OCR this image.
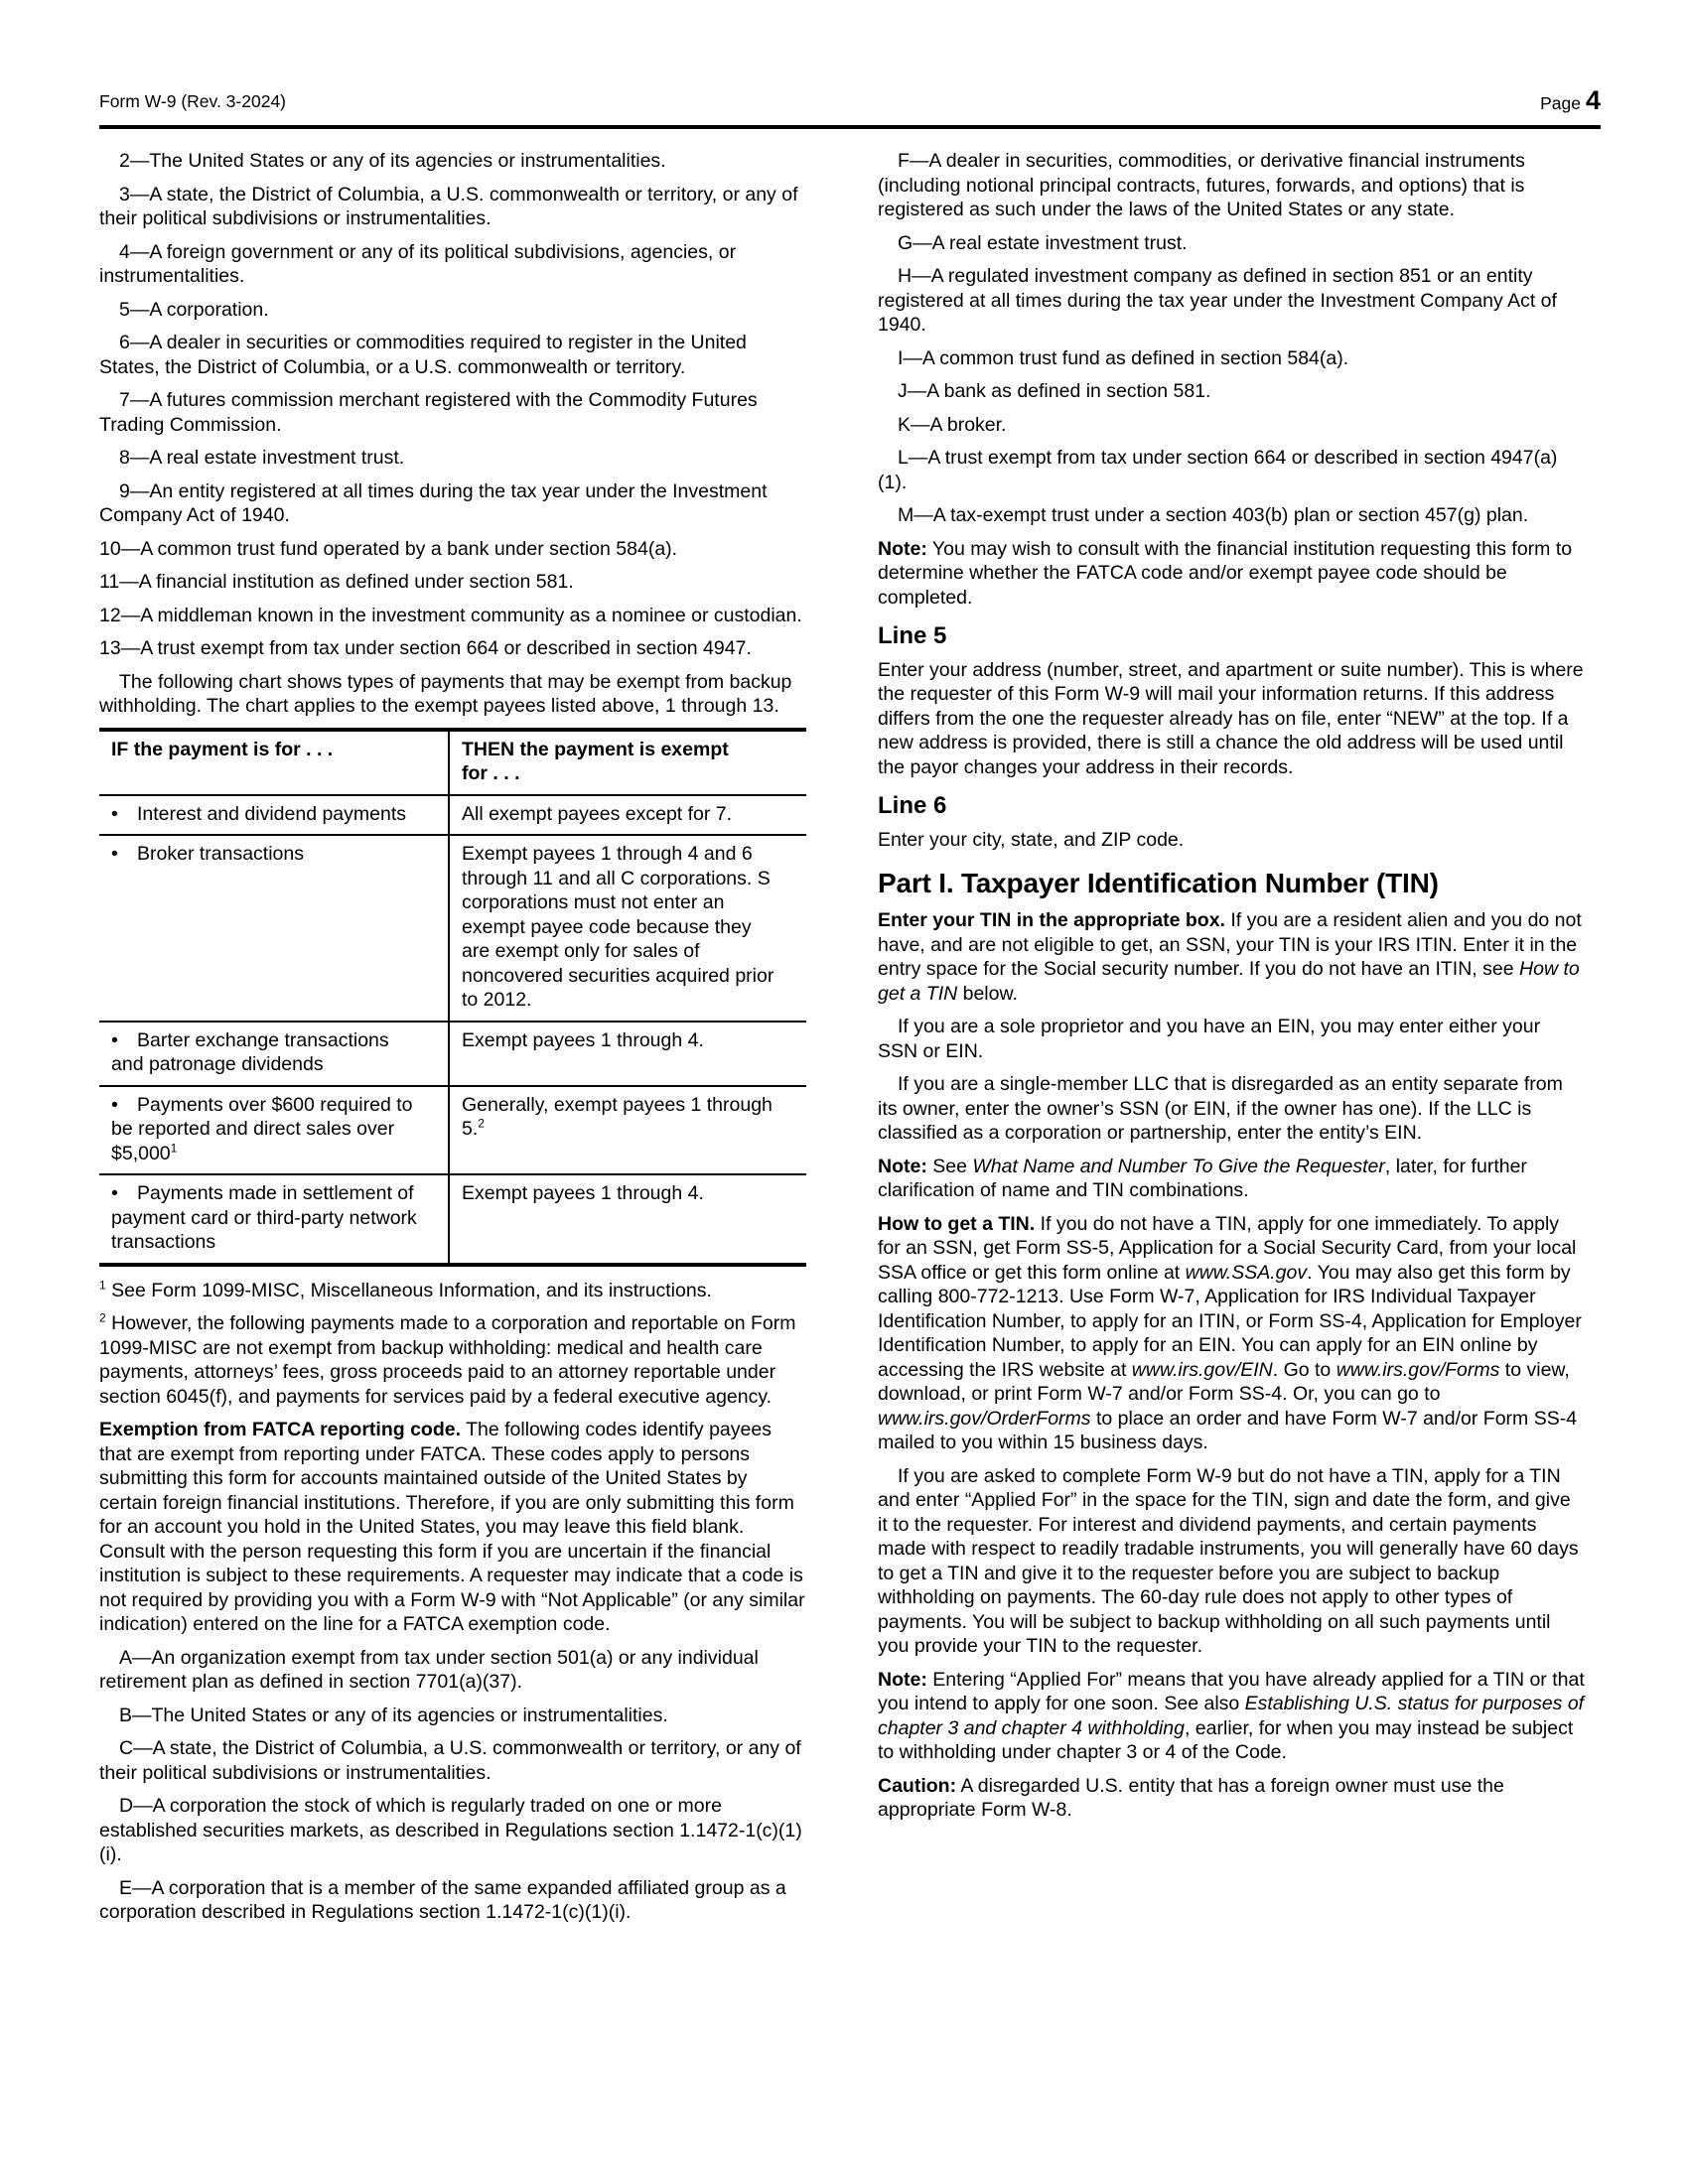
Form W-9 (Rev. 3-2024)	Page 4

2—The United States or any of its agencies or instrumentalities.

3—A state, the District of Columbia, a U.S. commonwealth or territory, or any of their political subdivisions or instrumentalities.

4—A foreign government or any of its political subdivisions, agencies, or instrumentalities.

5—A corporation.

6—A dealer in securities or commodities required to register in the United States, the District of Columbia, or a U.S. commonwealth or territory.

7—A futures commission merchant registered with the Commodity Futures Trading Commission.

8—A real estate investment trust.

9—An entity registered at all times during the tax year under the Investment Company Act of 1940.

10—A common trust fund operated by a bank under section 584(a).

11—A financial institution as defined under section 581.

12—A middleman known in the investment community as a nominee or custodian.

13—A trust exempt from tax under section 664 or described in section 4947.

The following chart shows types of payments that may be exempt from backup withholding. The chart applies to the exempt payees listed above, 1 through 13.

IF the payment is for . . .	THEN the payment is exempt for . . .
• Interest and dividend payments	All exempt payees except for 7.
• Broker transactions	Exempt payees 1 through 4 and 6 through 11 and all C corporations. S corporations must not enter an exempt payee code because they are exempt only for sales of noncovered securities acquired prior to 2012.
• Barter exchange transactions and patronage dividends	Exempt payees 1 through 4.
• Payments over $600 required to be reported and direct sales over $5,000$^1$	Generally, exempt payees 1 through 5.$^2$
• Payments made in settlement of payment card or third-party network transactions	Exempt payees 1 through 4.

$^1$ See Form 1099-MISC, Miscellaneous Information, and its instructions.

$^2$ However, the following payments made to a corporation and reportable on Form 1099-MISC are not exempt from backup withholding: medical and health care payments, attorneys’ fees, gross proceeds paid to an attorney reportable under section 6045(f), and payments for services paid by a federal executive agency.

Exemption from FATCA reporting code. The following codes identify payees that are exempt from reporting under FATCA. These codes apply to persons submitting this form for accounts maintained outside of the United States by certain foreign financial institutions. Therefore, if you are only submitting this form for an account you hold in the United States, you may leave this field blank. Consult with the person requesting this form if you are uncertain if the financial institution is subject to these requirements. A requester may indicate that a code is not required by providing you with a Form W-9 with “Not Applicable” (or any similar indication) entered on the line for a FATCA exemption code.

A—An organization exempt from tax under section 501(a) or any individual retirement plan as defined in section 7701(a)(37).

B—The United States or any of its agencies or instrumentalities.

C—A state, the District of Columbia, a U.S. commonwealth or territory, or any of their political subdivisions or instrumentalities.

D—A corporation the stock of which is regularly traded on one or more established securities markets, as described in Regulations section 1.1472-1(c)(1)(i).

E—A corporation that is a member of the same expanded affiliated group as a corporation described in Regulations section 1.1472-1(c)(1)(i).

F—A dealer in securities, commodities, or derivative financial instruments (including notional principal contracts, futures, forwards, and options) that is registered as such under the laws of the United States or any state.

G—A real estate investment trust.

H—A regulated investment company as defined in section 851 or an entity registered at all times during the tax year under the Investment Company Act of 1940.

I—A common trust fund as defined in section 584(a).

J—A bank as defined in section 581.

K—A broker.

L—A trust exempt from tax under section 664 or described in section 4947(a)(1).

M—A tax-exempt trust under a section 403(b) plan or section 457(g) plan.

Note: You may wish to consult with the financial institution requesting this form to determine whether the FATCA code and/or exempt payee code should be completed.

Line 5

Enter your address (number, street, and apartment or suite number). This is where the requester of this Form W-9 will mail your information returns. If this address differs from the one the requester already has on file, enter “NEW” at the top. If a new address is provided, there is still a chance the old address will be used until the payor changes your address in their records.

Line 6

Enter your city, state, and ZIP code.

Part I. Taxpayer Identification Number (TIN)

Enter your TIN in the appropriate box. If you are a resident alien and you do not have, and are not eligible to get, an SSN, your TIN is your IRS ITIN. Enter it in the entry space for the Social security number. If you do not have an ITIN, see How to get a TIN below.

If you are a sole proprietor and you have an EIN, you may enter either your SSN or EIN.

If you are a single-member LLC that is disregarded as an entity separate from its owner, enter the owner’s SSN (or EIN, if the owner has one). If the LLC is classified as a corporation or partnership, enter the entity’s EIN.

Note: See What Name and Number To Give the Requester, later, for further clarification of name and TIN combinations.

How to get a TIN. If you do not have a TIN, apply for one immediately. To apply for an SSN, get Form SS-5, Application for a Social Security Card, from your local SSA office or get this form online at www.SSA.gov. You may also get this form by calling 800-772-1213. Use Form W-7, Application for IRS Individual Taxpayer Identification Number, to apply for an ITIN, or Form SS-4, Application for Employer Identification Number, to apply for an EIN. You can apply for an EIN online by accessing the IRS website at www.irs.gov/EIN. Go to www.irs.gov/Forms to view, download, or print Form W-7 and/or Form SS-4. Or, you can go to www.irs.gov/OrderForms to place an order and have Form W-7 and/or Form SS-4 mailed to you within 15 business days.

If you are asked to complete Form W-9 but do not have a TIN, apply for a TIN and enter “Applied For” in the space for the TIN, sign and date the form, and give it to the requester. For interest and dividend payments, and certain payments made with respect to readily tradable instruments, you will generally have 60 days to get a TIN and give it to the requester before you are subject to backup withholding on payments. The 60-day rule does not apply to other types of payments. You will be subject to backup withholding on all such payments until you provide your TIN to the requester.

Note: Entering “Applied For” means that you have already applied for a TIN or that you intend to apply for one soon. See also Establishing U.S. status for purposes of chapter 3 and chapter 4 withholding, earlier, for when you may instead be subject to withholding under chapter 3 or 4 of the Code.

Caution: A disregarded U.S. entity that has a foreign owner must use the appropriate Form W-8.
